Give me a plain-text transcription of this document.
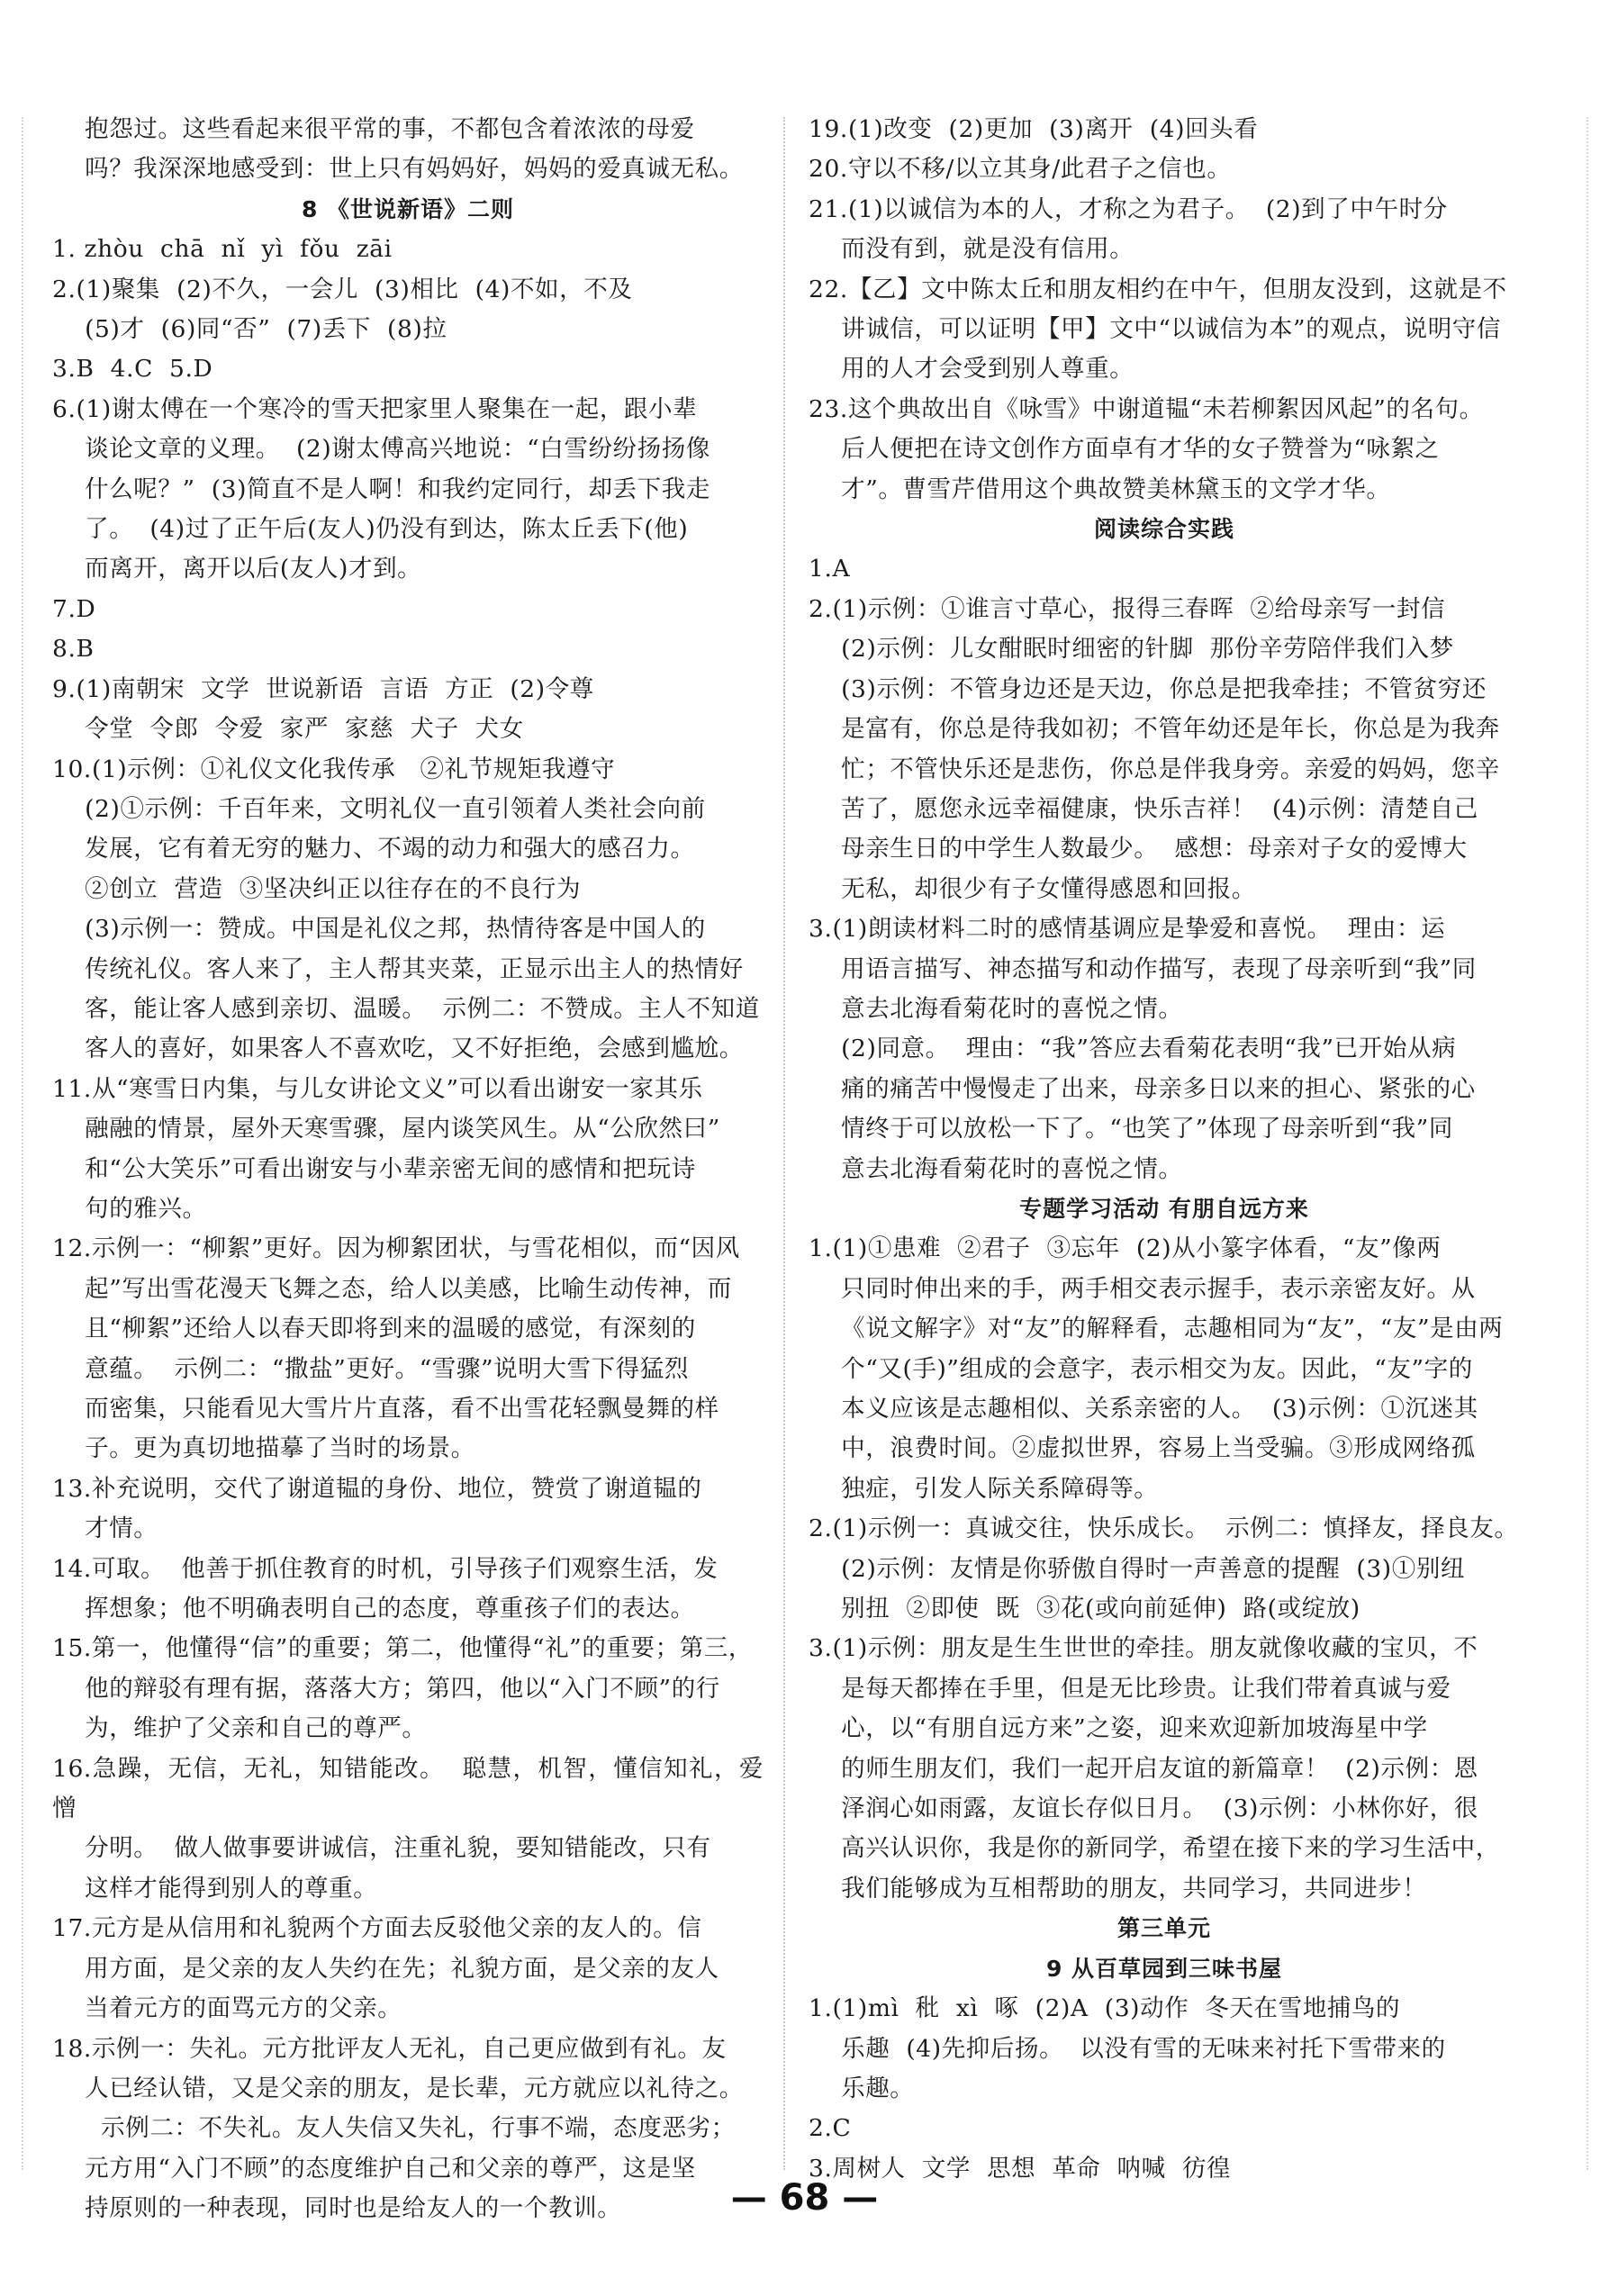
抱怨过。这些看起来很平常的事，不都包含着浓浓的母爱
吗？我深深地感受到：世上只有妈妈好，妈妈的爱真诚无私。

8 《世说新语》二则

1. zhòu  chā  nǐ  yì  fǒu  zāi

2.(1)聚集  (2)不久，一会儿  (3)相比  (4)不如，不及
(5)才  (6)同“否”  (7)丢下  (8)拉

3.B  4.C  5.D

6.(1)谢太傅在一个寒冷的雪天把家里人聚集在一起，跟小辈
谈论文章的义理。  (2)谢太傅高兴地说：“白雪纷纷扬扬像
什么呢？”  (3)简直不是人啊！和我约定同行，却丢下我走
了。  (4)过了正午后(友人)仍没有到达，陈太丘丢下(他)
而离开，离开以后(友人)才到。

7.D

8.B

9.(1)南朝宋  文学  世说新语  言语  方正  (2)令尊
令堂  令郎  令爱  家严  家慈  犬子  犬女

10.(1)示例：①礼仪文化我传承   ②礼节规矩我遵守
(2)①示例：千百年来，文明礼仪一直引领着人类社会向前
发展，它有着无穷的魅力、不竭的动力和强大的感召力。
②创立  营造  ③坚决纠正以往存在的不良行为
(3)示例一：赞成。中国是礼仪之邦，热情待客是中国人的
传统礼仪。客人来了，主人帮其夹菜，正显示出主人的热情好
客，能让客人感到亲切、温暖。  示例二：不赞成。主人不知道
客人的喜好，如果客人不喜欢吃，又不好拒绝，会感到尴尬。

11.从“寒雪日内集，与儿女讲论文义”可以看出谢安一家其乐
融融的情景，屋外天寒雪骤，屋内谈笑风生。从“公欣然曰”
和“公大笑乐”可看出谢安与小辈亲密无间的感情和把玩诗
句的雅兴。

12.示例一：“柳絮”更好。因为柳絮团状，与雪花相似，而“因风
起”写出雪花漫天飞舞之态，给人以美感，比喻生动传神，而
且“柳絮”还给人以春天即将到来的温暖的感觉，有深刻的
意蕴。  示例二：“撒盐”更好。“雪骤”说明大雪下得猛烈
而密集，只能看见大雪片片直落，看不出雪花轻飘曼舞的样
子。更为真切地描摹了当时的场景。

13.补充说明，交代了谢道韫的身份、地位，赞赏了谢道韫的
才情。

14.可取。  他善于抓住教育的时机，引导孩子们观察生活，发
挥想象；他不明确表明自己的态度，尊重孩子们的表达。

15.第一，他懂得“信”的重要；第二，他懂得“礼”的重要；第三，
他的辩驳有理有据，落落大方；第四，他以“入门不顾”的行
为，维护了父亲和自己的尊严。

16.急躁，无信，无礼，知错能改。  聪慧，机智，懂信知礼，爱憎
分明。  做人做事要讲诚信，注重礼貌，要知错能改，只有
这样才能得到别人的尊重。

17.元方是从信用和礼貌两个方面去反驳他父亲的友人的。信
用方面，是父亲的友人失约在先；礼貌方面，是父亲的友人
当着元方的面骂元方的父亲。

18.示例一：失礼。元方批评友人无礼，自己更应做到有礼。友
人已经认错，又是父亲的朋友，是长辈，元方就应以礼待之。
示例二：不失礼。友人失信又失礼，行事不端，态度恶劣；
元方用“入门不顾”的态度维护自己和父亲的尊严，这是坚
持原则的一种表现，同时也是给友人的一个教训。

19.(1)改变  (2)更加  (3)离开  (4)回头看

20.守以不移/以立其身/此君子之信也。

21.(1)以诚信为本的人，才称之为君子。  (2)到了中午时分
而没有到，就是没有信用。

22.【乙】文中陈太丘和朋友相约在中午，但朋友没到，这就是不
讲诚信，可以证明【甲】文中“以诚信为本”的观点，说明守信
用的人才会受到别人尊重。

23.这个典故出自《咏雪》中谢道韫“未若柳絮因风起”的名句。
后人便把在诗文创作方面卓有才华的女子赞誉为“咏絮之
才”。曹雪芹借用这个典故赞美林黛玉的文学才华。

阅读综合实践

1.A

2.(1)示例：①谁言寸草心，报得三春晖  ②给母亲写一封信
(2)示例：儿女酣眠时细密的针脚  那份辛劳陪伴我们入梦
(3)示例：不管身边还是天边，你总是把我牵挂；不管贫穷还
是富有，你总是待我如初；不管年幼还是年长，你总是为我奔
忙；不管快乐还是悲伤，你总是伴我身旁。亲爱的妈妈，您辛
苦了，愿您永远幸福健康，快乐吉祥！  (4)示例：清楚自己
母亲生日的中学生人数最少。  感想：母亲对子女的爱博大
无私，却很少有子女懂得感恩和回报。

3.(1)朗读材料二时的感情基调应是挚爱和喜悦。  理由：运
用语言描写、神态描写和动作描写，表现了母亲听到“我”同
意去北海看菊花时的喜悦之情。
(2)同意。  理由：“我”答应去看菊花表明“我”已开始从病
痛的痛苦中慢慢走了出来，母亲多日以来的担心、紧张的心
情终于可以放松一下了。“也笑了”体现了母亲听到“我”同
意去北海看菊花时的喜悦之情。

专题学习活动 有朋自远方来

1.(1)①患难  ②君子  ③忘年  (2)从小篆字体看，“友”像两
只同时伸出来的手，两手相交表示握手，表示亲密友好。从
《说文解字》对“友”的解释看，志趣相同为“友”，“友”是由两
个“又(手)”组成的会意字，表示相交为友。因此，“友”字的
本义应该是志趣相似、关系亲密的人。  (3)示例：①沉迷其
中，浪费时间。②虚拟世界，容易上当受骗。③形成网络孤
独症，引发人际关系障碍等。

2.(1)示例一：真诚交往，快乐成长。  示例二：慎择友，择良友。
(2)示例：友情是你骄傲自得时一声善意的提醒  (3)①别纽
别扭  ②即使  既  ③花(或向前延伸)  路(或绽放)

3.(1)示例：朋友是生生世世的牵挂。朋友就像收藏的宝贝，不
是每天都捧在手里，但是无比珍贵。让我们带着真诚与爱
心，以“有朋自远方来”之姿，迎来欢迎新加坡海星中学
的师生朋友们，我们一起开启友谊的新篇章！  (2)示例：恩
泽润心如雨露，友谊长存似日月。  (3)示例：小林你好，很
高兴认识你，我是你的新同学，希望在接下来的学习生活中，
我们能够成为互相帮助的朋友，共同学习，共同进步！

第三单元
9 从百草园到三味书屋

1.(1)mì  秕  xì  啄  (2)A  (3)动作  冬天在雪地捕鸟的
乐趣  (4)先抑后扬。  以没有雪的无味来衬托下雪带来的
乐趣。

2.C

3.周树人  文学  思想  革命  呐喊  彷徨

— 68 —
